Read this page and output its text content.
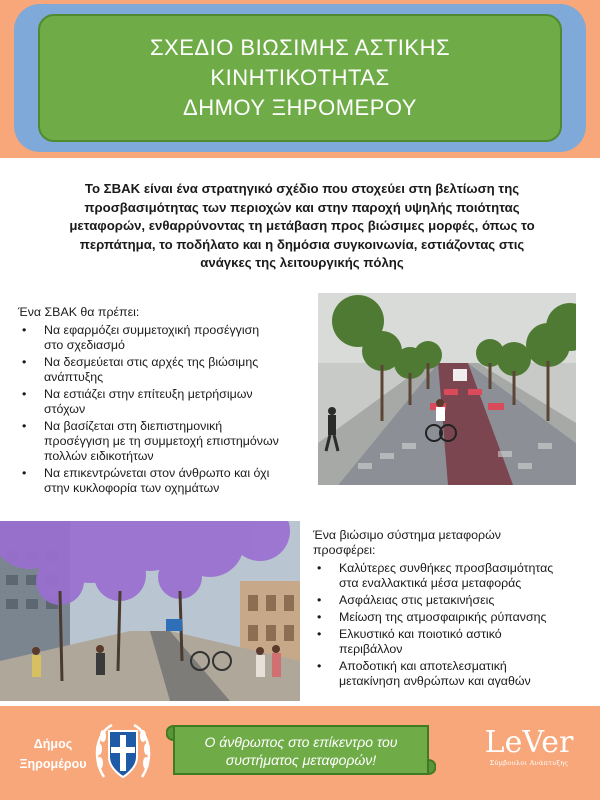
ΣΧΕΔΙΟ ΒΙΩΣΙΜΗΣ ΑΣΤΙΚΗΣ
ΚΙΝΗΤΙΚΟΤΗΤΑΣ
ΔΗΜΟΥ ΞΗΡΟΜΕΡΟΥ
Το ΣΒΑΚ είναι ένα στρατηγικό σχέδιο που στοχεύει στη βελτίωση της
προσβασιμότητας των περιοχών και στην παροχή υψηλής ποιότητας
μεταφορών, ενθαρρύνοντας τη μετάβαση προς βιώσιμες μορφές, όπως το
περπάτημα, το ποδήλατο και η δημόσια συγκοινωνία, εστιάζοντας στις
ανάγκες της λειτουργικής πόλης
Ένα ΣΒΑΚ θα πρέπει:
• Να εφαρμόζει συμμετοχική προσέγγιση
στο σχεδιασμό
• Να δεσμεύεται στις αρχές της βιώσιμης
ανάπτυξης
• Να εστιάζει στην επίτευξη μετρήσιμων
στόχων
• Να βασίζεται στη διεπιστημονική
προσέγγιση με τη συμμετοχή επιστημόνων
πολλών ειδικοτήτων
• Να επικεντρώνεται στον άνθρωπο και όχι
στην κυκλοφορία των οχημάτων
Ένα βιώσιμο σύστημα μεταφορών
προσφέρει:
• Καλύτερες συνθήκες προσβασιμότητας
στα εναλλακτικά μέσα μεταφοράς
• Ασφάλειας στις μετακινήσεις
• Μείωση της ατμοσφαιρικής ρύπανσης
• Ελκυστικό και ποιοτικό αστικό
περιβάλλον
• Αποδοτική και αποτελεσματική
μετακίνηση ανθρώπων και αγαθών
Δήμος
Ξηρομέρου
Ο άνθρωπος στο επίκεντρο του
συστήματος μεταφορών!	LeVer
Σύμβουλοι Ανάπτυξης
